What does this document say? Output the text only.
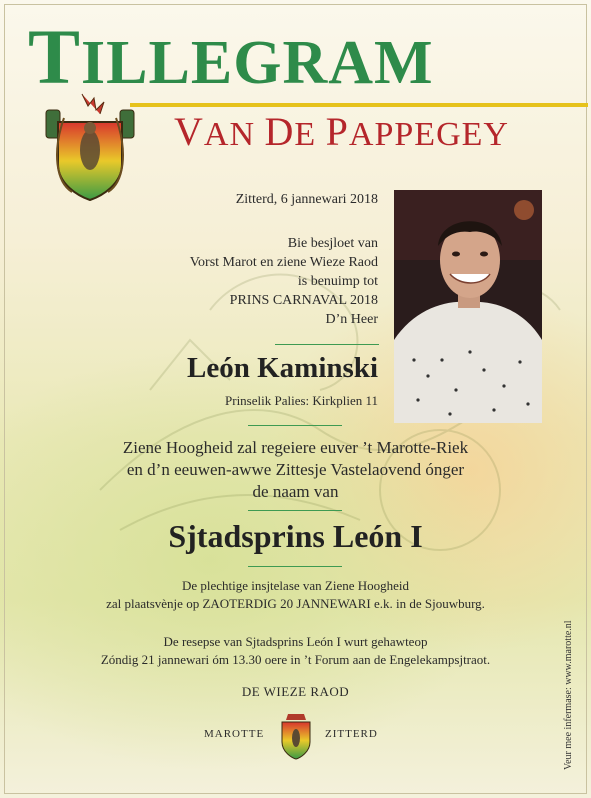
TILLEGRAM
VAN DE PAPPEGEY
Zitterd, 6 jannewari 2018
Bie besjloet van
Vorst Marot en ziene Wieze Raod
is benuimp tot
PRINS CARNAVAL 2018
D’n Heer
León Kaminski
Prinselik Palies: Kirkplien 11
Ziene Hoogheid zal regeiere euver ’t Marotte-Riek
en d’n eeuwen-awwe Zittesje Vastelaovend ónger
de naam van
Sjtadsprins León I
De plechtige insjtelase van Ziene Hoogheid
zal plaatsvènje op ZAOTERDIG 20 JANNEWARI e.k. in de Sjouwburg.
De resepse van Sjtadsprins León I wurt gehawteop
Zóndig 21 jannewari óm 13.30 oere in ’t Forum aan de Engelekampsjtraot.
DE WIEZE RAOD
MAROTTE	ZITTERD	Veur mee infermase: www.marotte.nl
